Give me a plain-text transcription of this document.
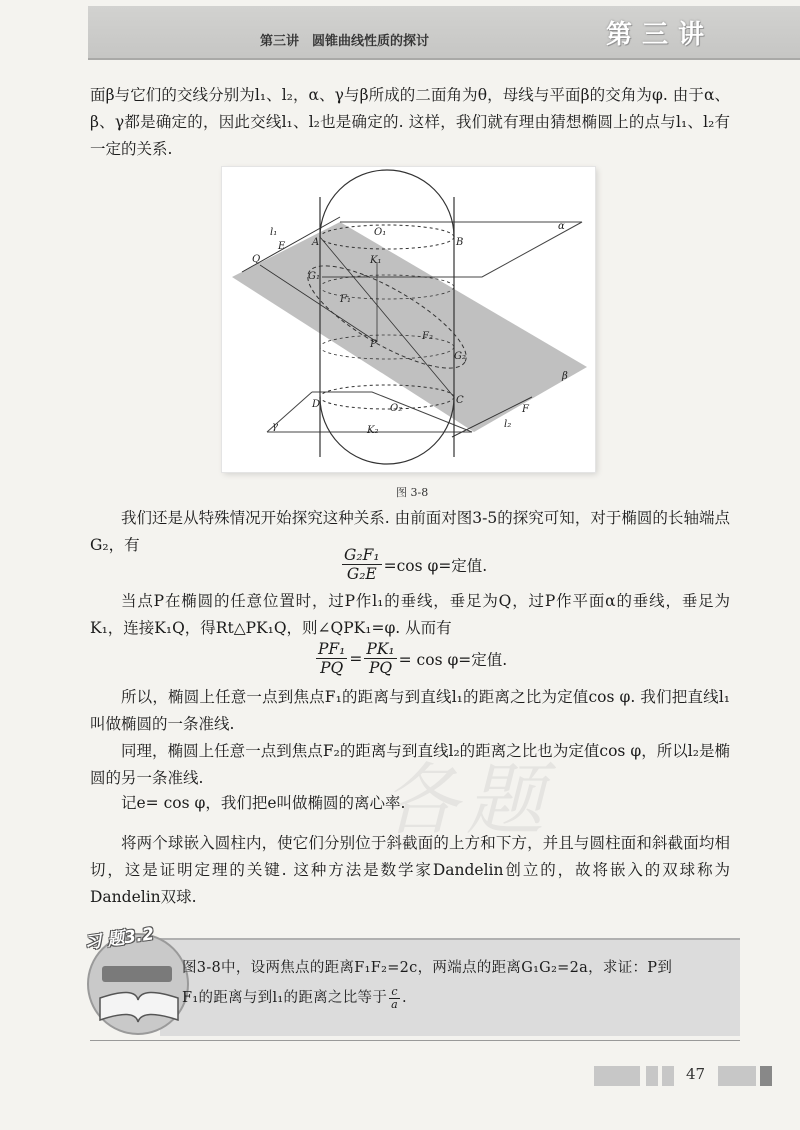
第三讲　圆锥曲线性质的探讨	第三讲
面β与它们的交线分别为l₁、l₂，α、γ与β所成的二面角为θ，母线与平面β的交角为φ. 由于α、β、γ都是确定的，因此交线l₁、l₂也是确定的. 这样，我们就有理由猜想椭圆上的点与l₁、l₂有一定的关系.
l₁
E	A
O₁
B
α
Q	K₁
G₁
F₁
F₂
P
G₂
β
D	O₂
C
F
l₂
γ	K₂
图 3-8
我们还是从特殊情况开始探究这种关系. 由前面对图3-5的探究可知，对于椭圆的长轴端点G₂，有
$\frac{\text{G₂F₁}}{\text{G₂E}} =\cos$ φ=定值.
当点P在椭圆的任意位置时，过P作l₁的垂线，垂足为Q，过P作平面α的垂线，垂足为K₁，连接K₁Q，得Rt△PK₁Q，则∠QPK₁=φ. 从而有
$\frac{\text{PF₁}}{PQ} = \frac{\text{PK₁}}{PQ} = \cos \varphi=$定值.
所以，椭圆上任意一点到焦点F₁的距离与到直线l₁的距离之比为定值cos φ. 我们把直线l₁叫做椭圆的一条准线.
同理，椭圆上任意一点到焦点F₂的距离与到直线l₂的距离之比也为定值cos φ，所以l₂是椭圆的另一条准线.
记e= cos φ，我们把e叫做椭圆的离心率.
各题
将两个球嵌入圆柱内，使它们分别位于斜截面的上方和下方，并且与圆柱面和斜截面均相切，这是证明定理的关键. 这种方法是数学家Dandelin创立的，故将嵌入的双球称为Dandelin双球.
习 题3.2
图3-8中，设两焦点的距离F₁F₂=2c，两端点的距离G₁G₂=2a，求证：P到
F₁的距离与到l₁的距离之比等于 $\frac{c}{a}$ .
47
